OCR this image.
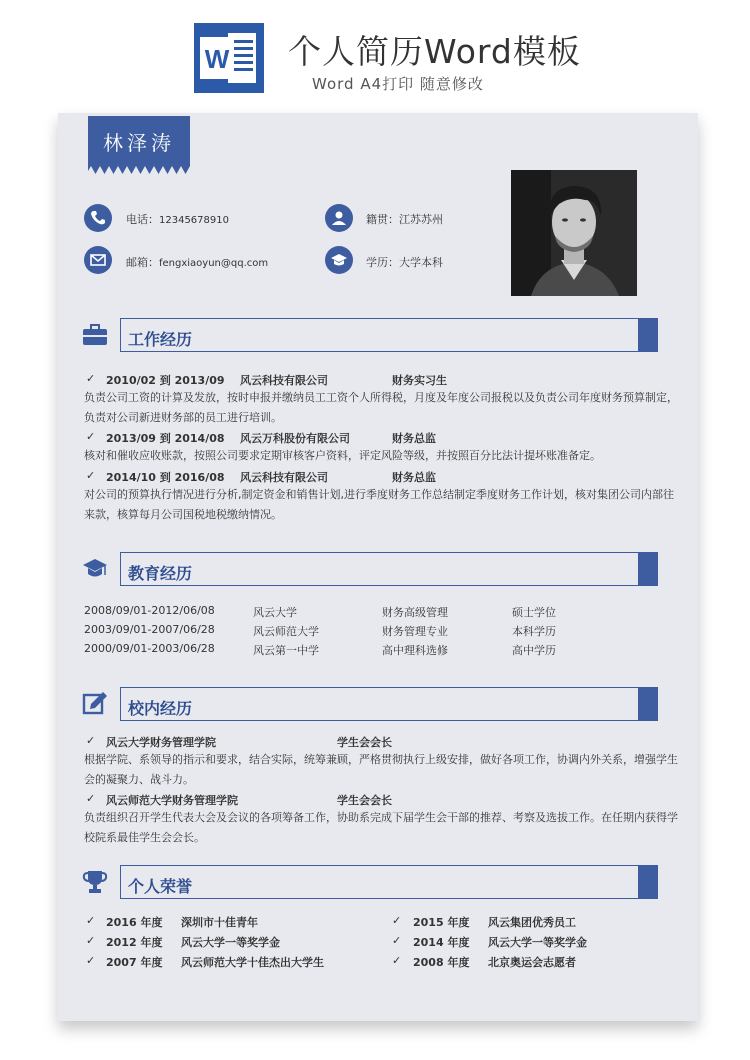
W 个人简历Word模板
Word A4打印 随意修改
林泽涛
电话：12345678910
邮箱：fengxiaoyun@qq.com
籍贯：江苏苏州
学历：大学本科
工作经历
✓ 2010/02 到 2013/09 风云科技有限公司	财务实习生
负责公司工资的计算及发放，按时申报并缴纳员工工资个人所得税，月度及年度公司报税以及负责公司年度财务预算制定，负责对公司新进财务部的员工进行培训。
✓ 2013/09 到 2014/08 风云万科股份有限公司	财务总监
核对和催收应收账款，按照公司要求定期审核客户资料，评定风险等级，并按照百分比法计提坏账准备定。
✓ 2014/10 到 2016/08 风云科技有限公司	财务总监
对公司的预算执行情况进行分析,制定资金和销售计划,进行季度财务工作总结制定季度财务工作计划，核对集团公司内部往来款，核算每月公司国税地税缴纳情况。
教育经历
2008/09/01-2012/06/08	风云大学	财务高级管理	硕士学位
2003/09/01-2007/06/28	风云师范大学	财务管理专业	本科学历
2000/09/01-2003/06/28	风云第一中学	高中理科选修	高中学历
校内经历
✓ 风云大学财务管理学院	学生会会长
根据学院、系领导的指示和要求，结合实际，统筹兼顾，严格贯彻执行上级安排，做好各项工作，协调内外关系，增强学生会的凝聚力、战斗力。
✓ 风云师范大学财务管理学院	学生会会长
负责组织召开学生代表大会及会议的各项筹备工作，协助系完成下届学生会干部的推荐、考察及选拔工作。在任期内获得学校院系最佳学生会会长。
个人荣誉
✓ 2016 年度 深圳市十佳青年	✓ 2015 年度 风云集团优秀员工
✓ 2012 年度 风云大学一等奖学金	✓ 2014 年度 风云大学一等奖学金
✓ 2007 年度 风云师范大学十佳杰出大学生	✓ 2008 年度 北京奥运会志愿者
